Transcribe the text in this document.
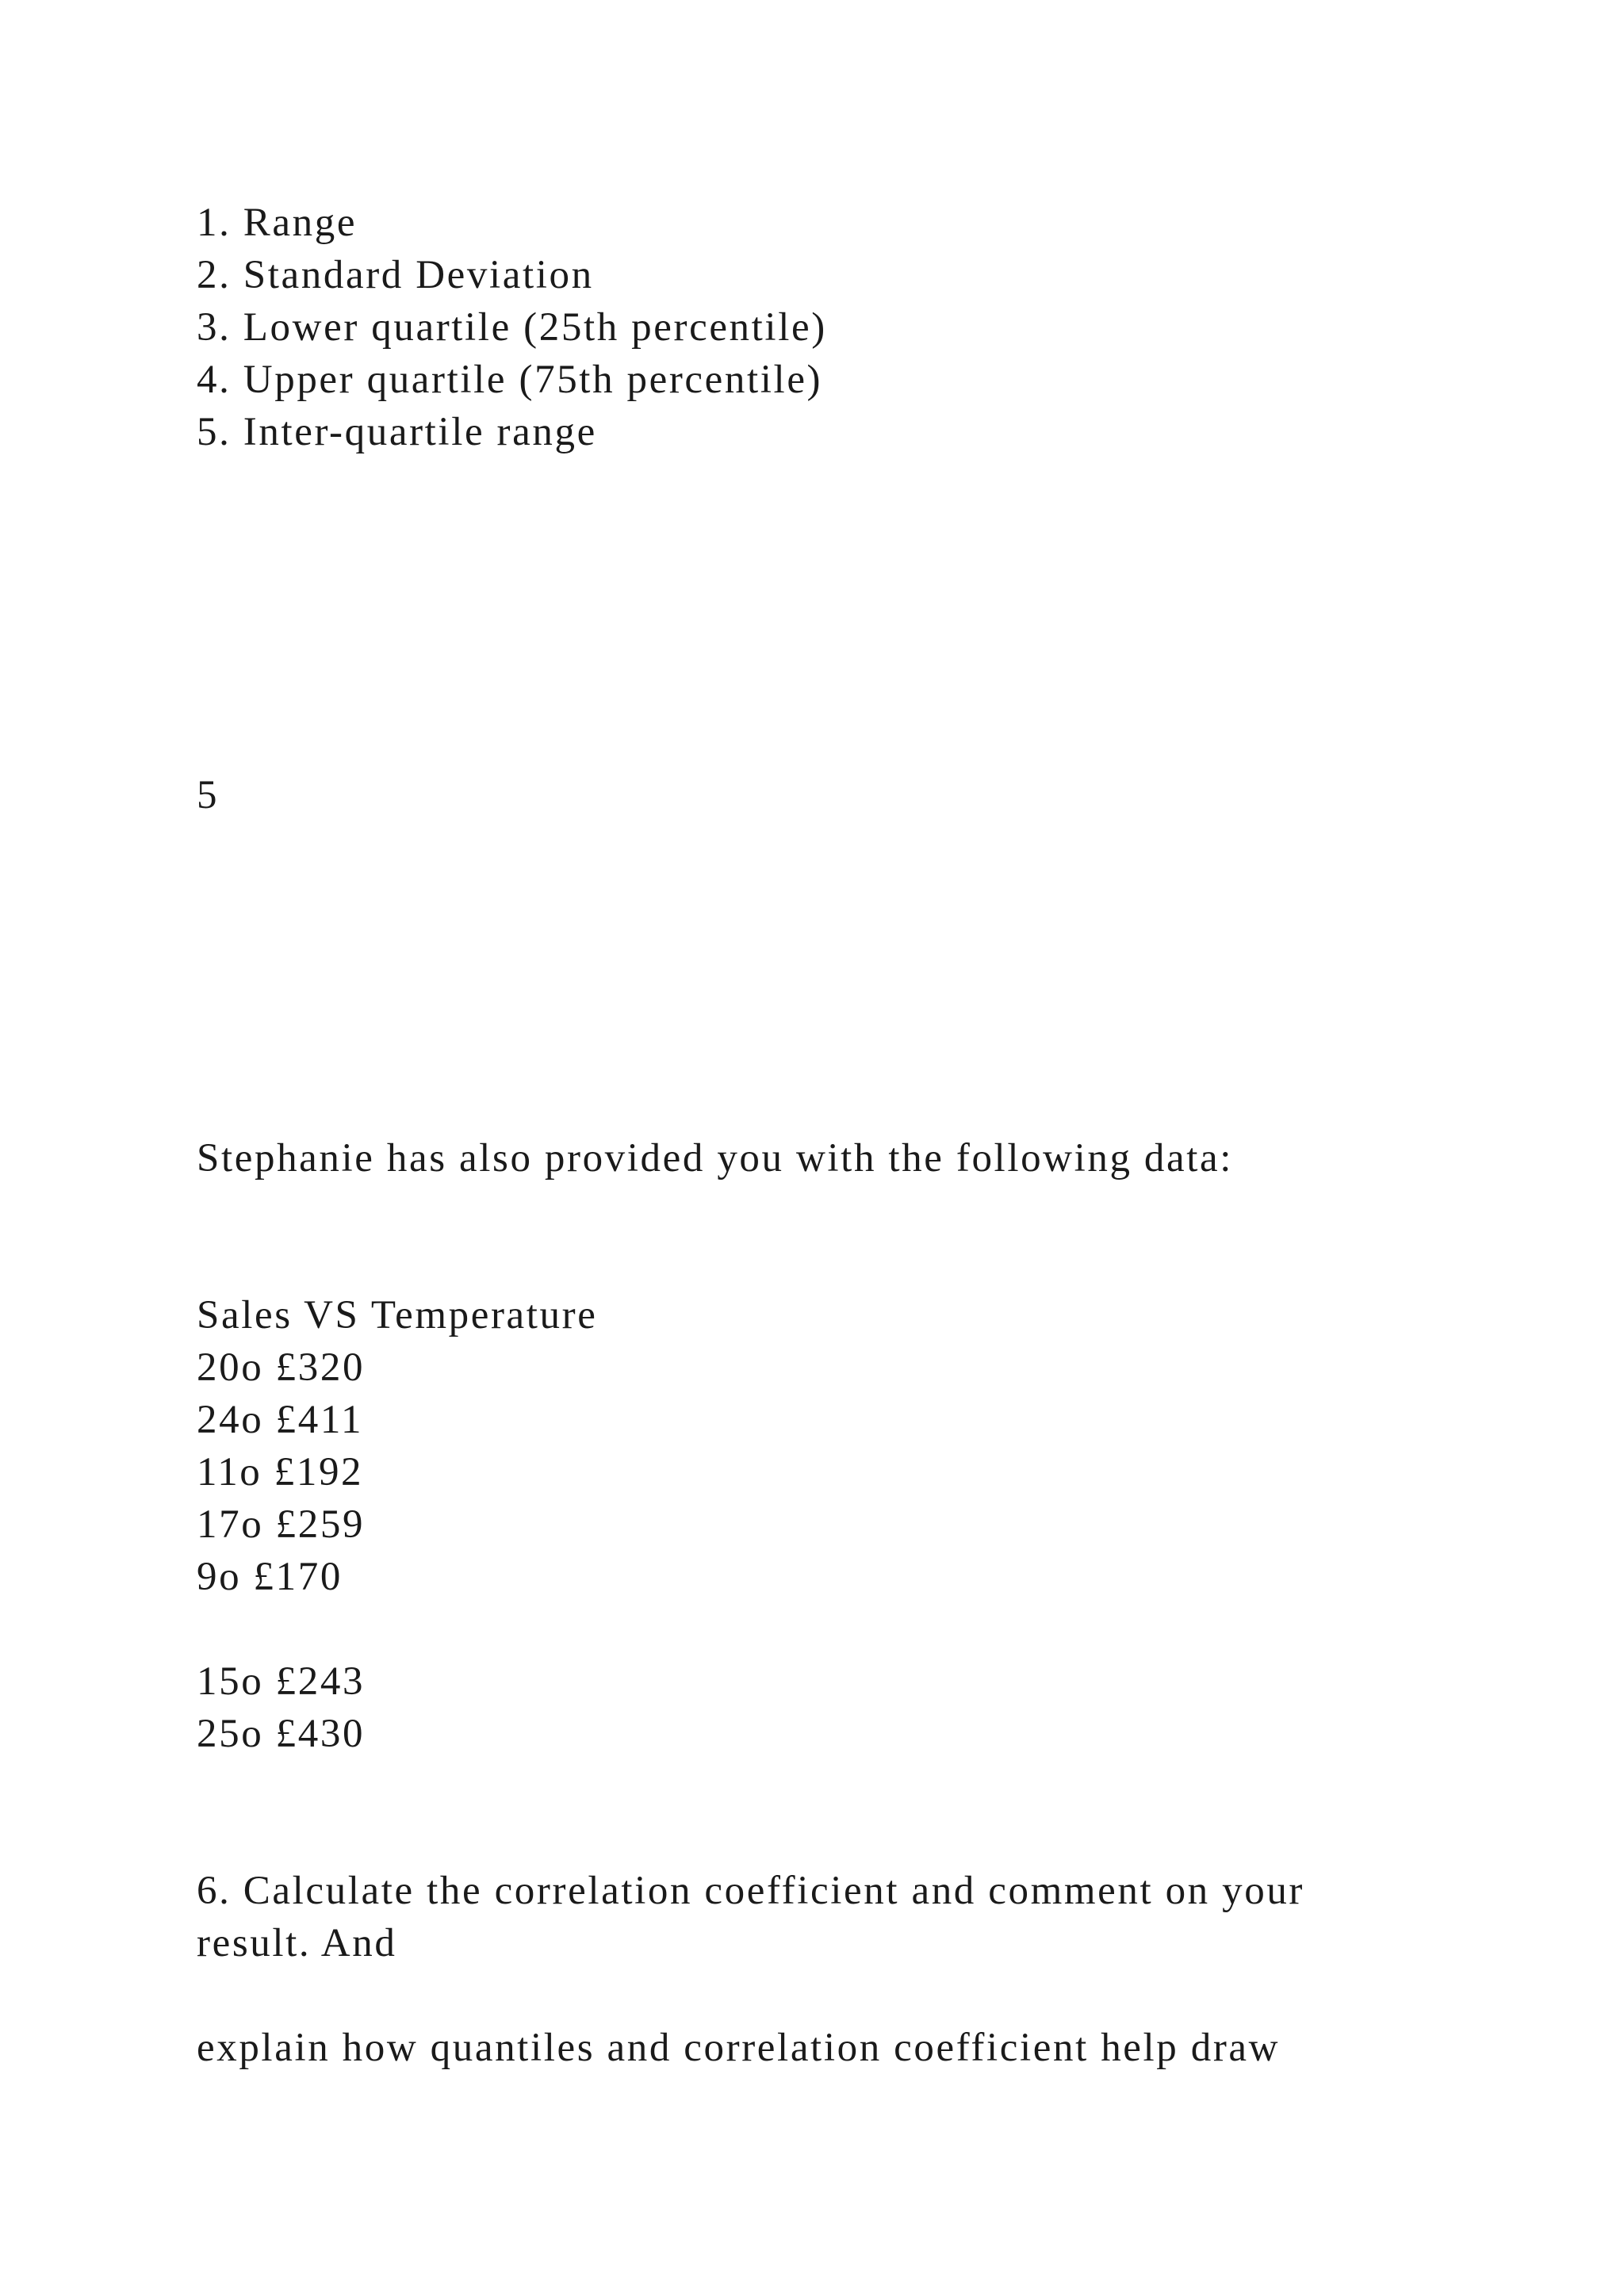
1. Range
2. Standard Deviation
3. Lower quartile (25th percentile)
4. Upper quartile (75th percentile)
5. Inter-quartile range
5
Stephanie has also provided you with the following data:
Sales VS Temperature
20o £320
24o £411
11o £192
17o £259
9o £170
15o £243
25o £430
6. Calculate the correlation coefficient and comment on your
result. And
explain how quantiles and correlation coefficient help draw
